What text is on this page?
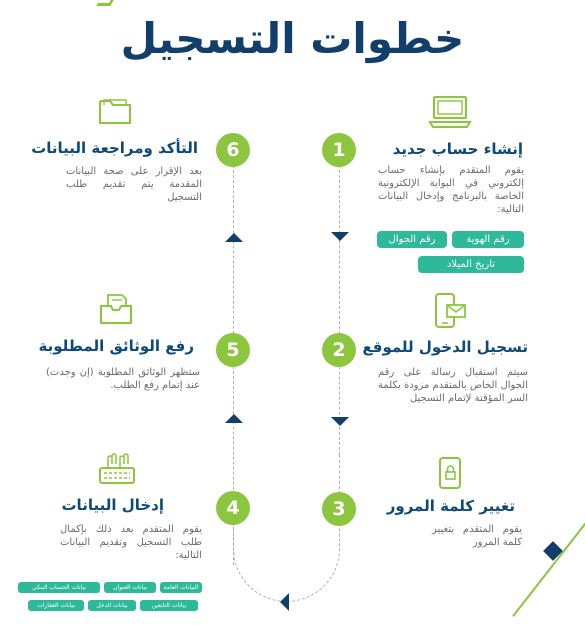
خطوات التسجيل
1	إنشاء حساب جديد
يقوم المتقدم بإنشاء حساب إلكتروني في البوابة الإلكترونية الخاصة بالبرنامج وإدخال البيانات التالية:
رقم الهوية
رقم الجوال
تاريخ الميلاد
2	تسجيل الدخول للموقع
سيتم استقبال رسالة على رقم الجوال الخاص بالمتقدم مزودة بكلمة السر المؤقتة لإتمام التسجيل
3	تغيير كلمة المرور
يقوم المتقدم بتغيير كلمة المرور
4
إدخال البيانات
يقوم المتقدم بعد ذلك بإكمال طلب التسجيل وتقديم البيانات التالية:
البيانات العامة
بيانات العنوان
بيانات الحساب البنكي
بيانات التابعين
بيانات الدخل
بيانات العقارات
5
رفع الوثائق المطلوبة
ستظهر الوثائق المطلوبة (إن وجدت) عند إتمام رفع الطلب.
6
التأكد ومراجعة البيانات
بعد الإقرار على صحة البيانات المقدمة يتم تقديم طلب التسجيل
